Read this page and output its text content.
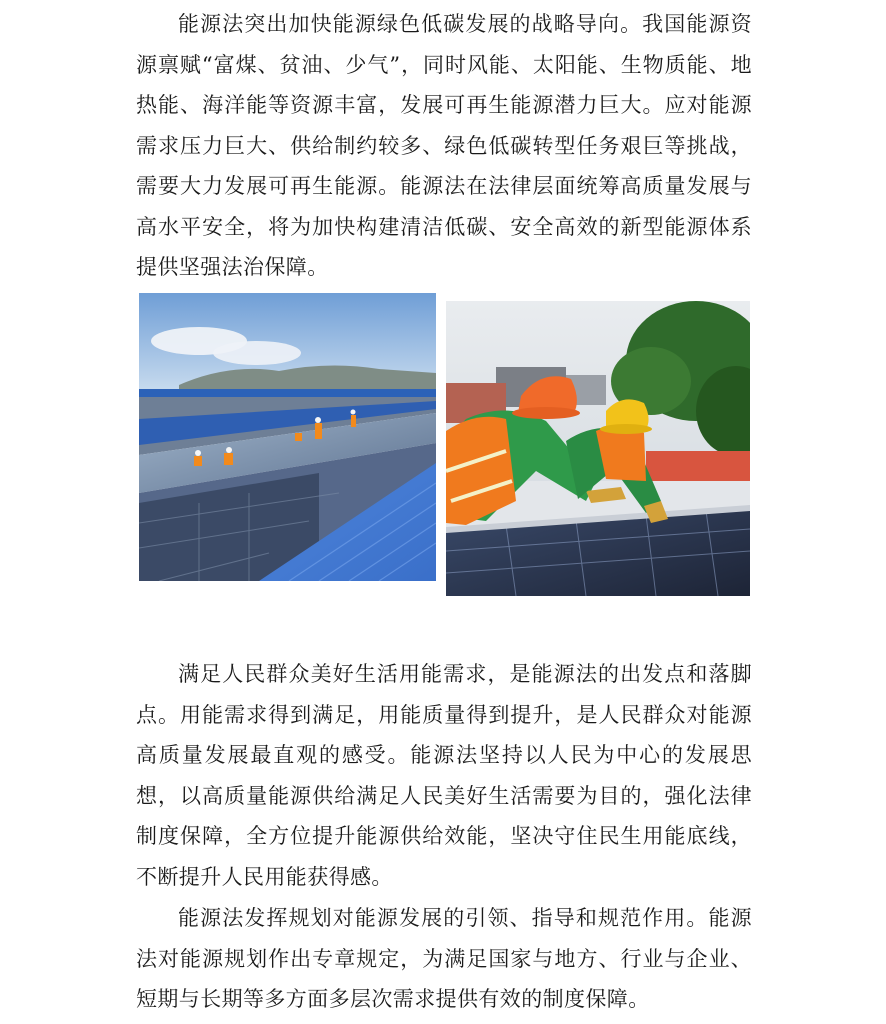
能源法突出加快能源绿色低碳发展的战略导向。我国能源资源禀赋“富煤、贫油、少气”，同时风能、太阳能、生物质能、地热能、海洋能等资源丰富，发展可再生能源潜力巨大。应对能源需求压力巨大、供给制约较多、绿色低碳转型任务艰巨等挑战，需要大力发展可再生能源。能源法在法律层面统筹高质量发展与高水平安全，将为加快构建清洁低碳、安全高效的新型能源体系提供坚强法治保障。

满足人民群众美好生活用能需求，是能源法的出发点和落脚点。用能需求得到满足，用能质量得到提升，是人民群众对能源高质量发展最直观的感受。能源法坚持以人民为中心的发展思想，以高质量能源供给满足人民美好生活需要为目的，强化法律制度保障，全方位提升能源供给效能，坚决守住民生用能底线，不断提升人民用能获得感。

能源法发挥规划对能源发展的引领、指导和规范作用。能源法对能源规划作出专章规定，为满足国家与地方、行业与企业、短期与长期等多方面多层次需求提供有效的制度保障。
